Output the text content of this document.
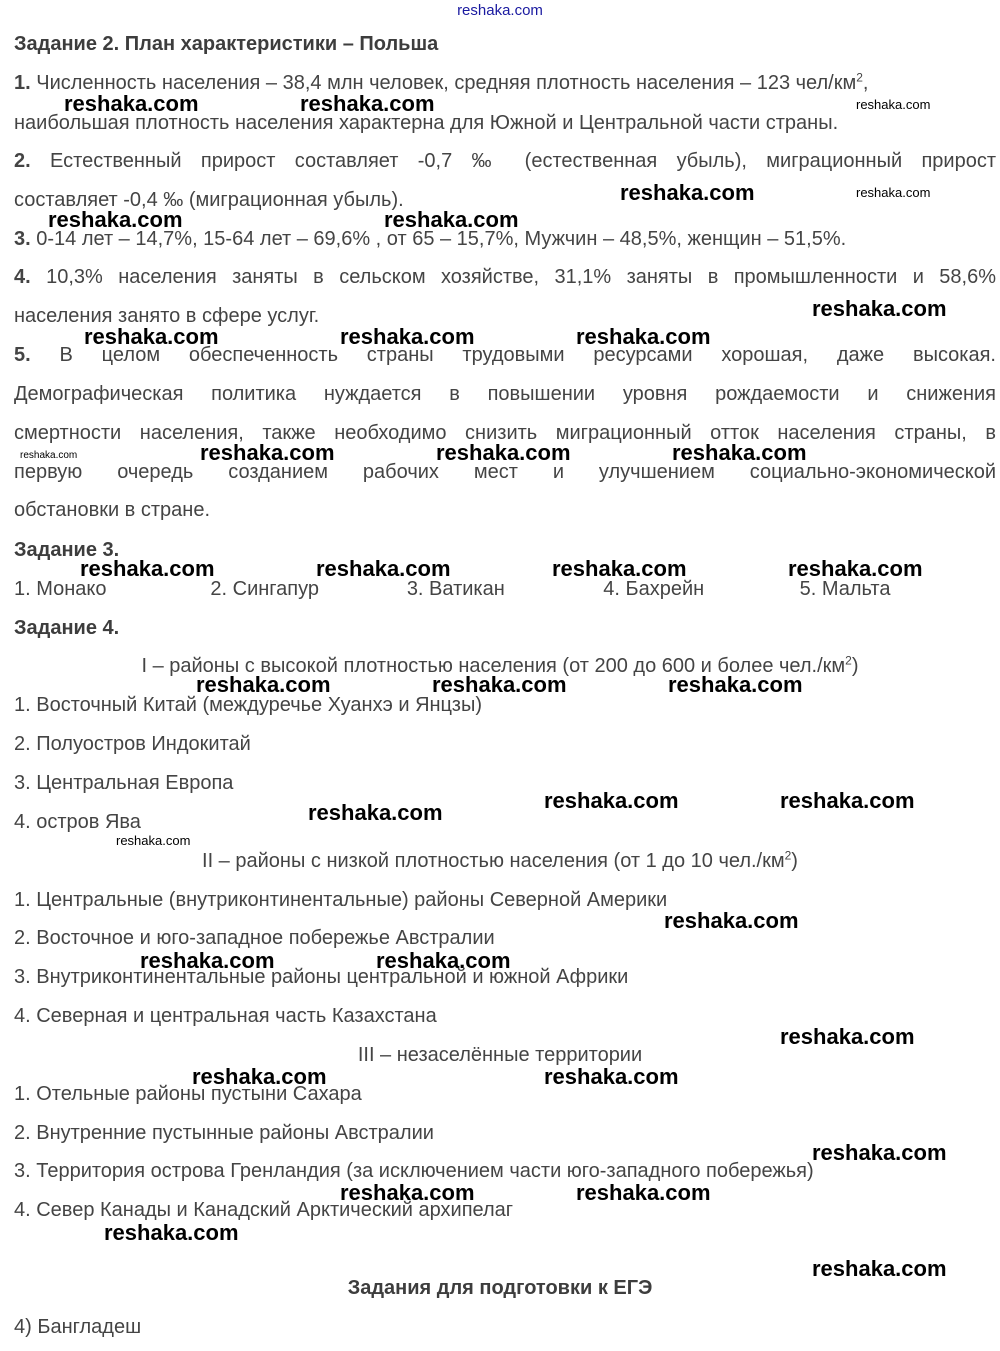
reshaka.com
Задание 2. План характеристики – Польша
1. Численность населения – 38,4 млн человек, средняя плотность населения – 123 чел/$км^2$,
наибольшая плотность населения характерна для Южной и Центральной части страны.
2. Естественный прирост составляет -0,7 ‰ (естественная убыль), миграционный прирост
составляет -0,4 ‰ (миграционная убыль).
3. 0-14 лет – 14,7%, 15-64 лет – 69,6% , от 65 – 15,7%, Мужчин – 48,5%, женщин – 51,5%.
4. 10,3% населения заняты в сельском хозяйстве, 31,1% заняты в промышленности и 58,6%
населения занято в сфере услуг.
5. В целом обеспеченность страны трудовыми ресурсами хорошая, даже высокая.
Демографическая политика нуждается в повышении уровня рождаемости и снижения
смертности населения, также необходимо снизить миграционный отток населения страны, в
первую очередь созданием рабочих мест и улучшением социально-экономической
обстановки в стране.
Задание 3.
1. Монако	2. Сингапур	3. Ватикан	4. Бахрейн	5. Мальта
Задание 4.
I – районы с высокой плотностью населения (от 200 до 600 и более $чел./км^2$)
1. Восточный Китай (междуречье Хуанхэ и Янцзы)
2. Полуостров Индокитай
3. Центральная Европа
4. остров Ява
II – районы с низкой плотностью населения (от 1 до 10 $чел./км^2$)
1. Центральные (внутриконтинентальные) районы Северной Америки
2. Восточное и юго-западное побережье Австралии
3. Внутриконтинентальные районы центральной и южной Африки
4. Северная и центральная часть Казахстана
III – незаселённые территории
1. Отельные районы пустыни Сахара
2. Внутренние пустынные районы Австралии
3. Территория острова Гренландия (за исключением части юго-западного побережья)
4. Север Канады и Канадский Арктический архипелаг
Задания для подготовки к ЕГЭ
4) Бангладеш
reshaka.com	reshaka.com	reshaka.com
reshaka.com	reshaka.com
reshaka.com	reshaka.com
reshaka.com
reshaka.com	reshaka.com	reshaka.com
reshaka.com	reshaka.com	reshaka.com	reshaka.com
reshaka.com	reshaka.com	reshaka.com	reshaka.com
reshaka.com	reshaka.com	reshaka.com
reshaka.com	reshaka.com
reshaka.com
reshaka.com
reshaka.com
reshaka.com	reshaka.com
reshaka.com
reshaka.com	reshaka.com
reshaka.com
reshaka.com	reshaka.com
reshaka.com
reshaka.com
